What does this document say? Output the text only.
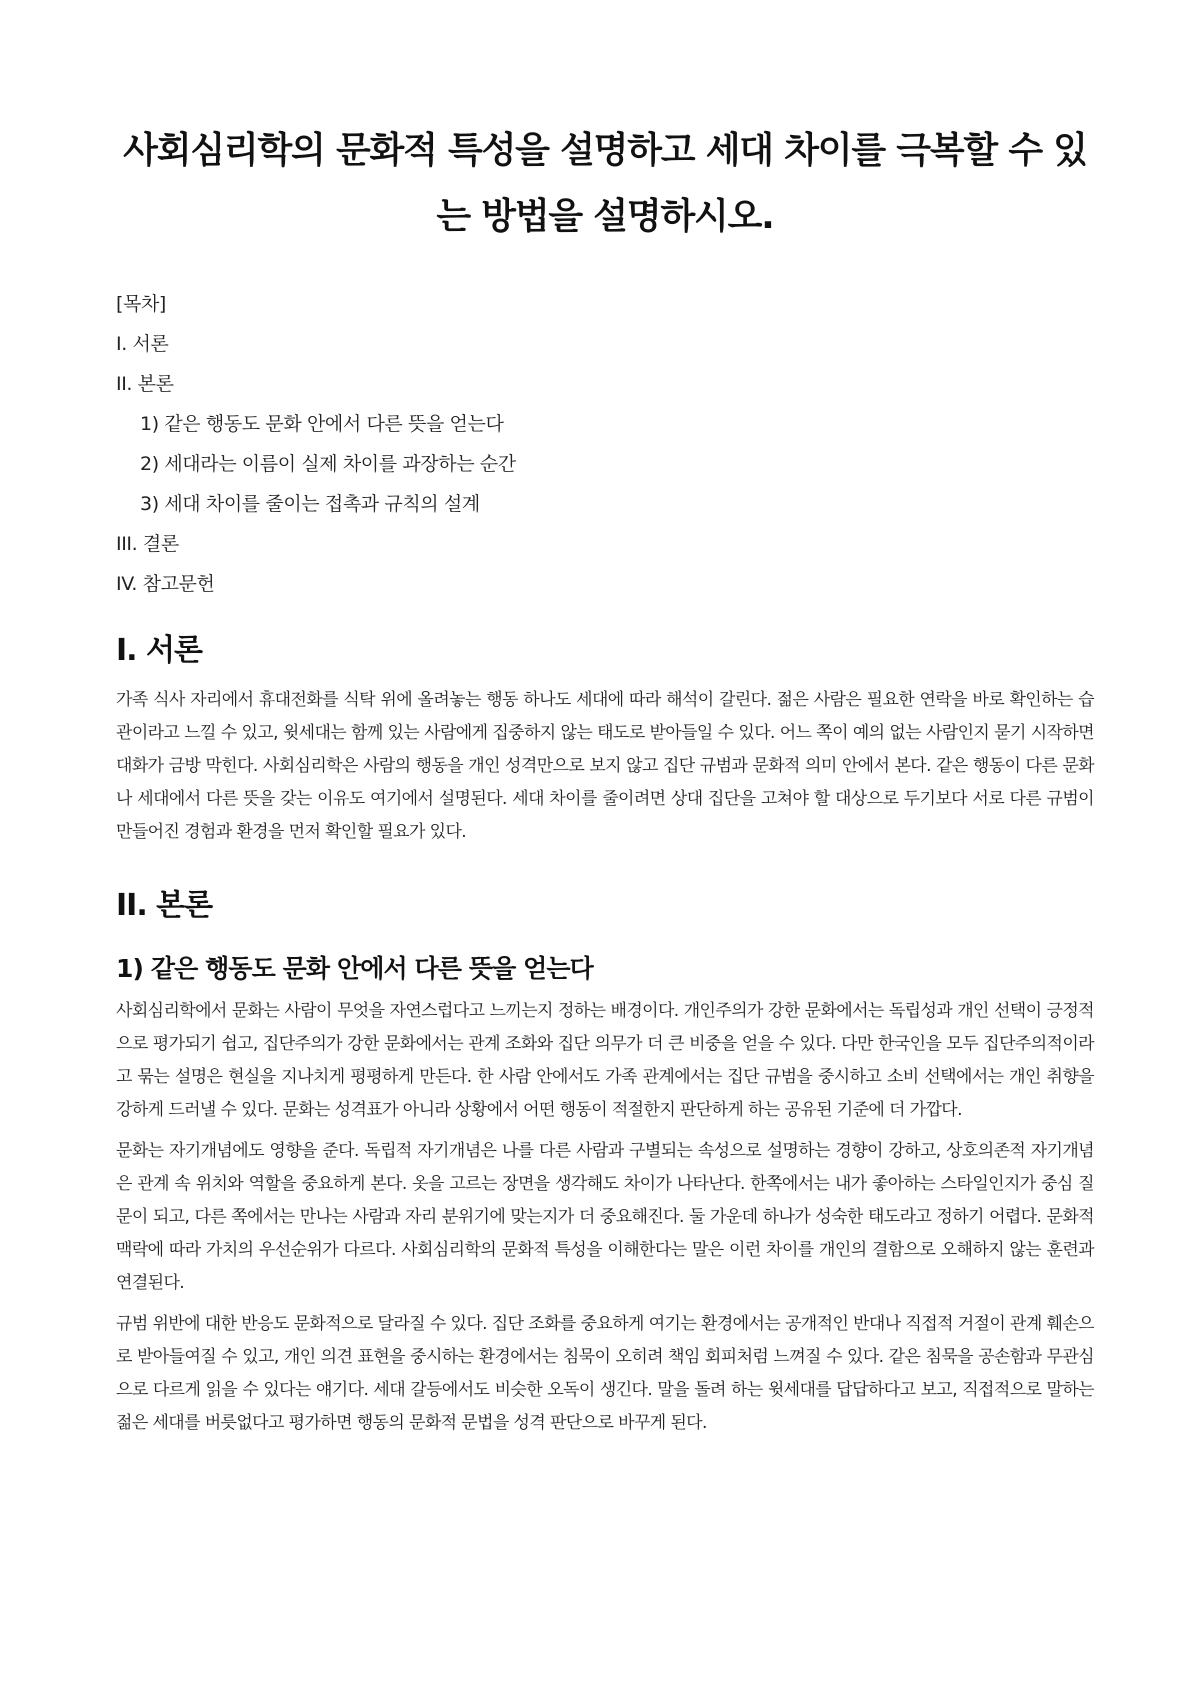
사회심리학의 문화적 특성을 설명하고 세대 차이를 극복할 수 있는 방법을 설명하시오.
[목차]
I. 서론
II. 본론
1) 같은 행동도 문화 안에서 다른 뜻을 얻는다
2) 세대라는 이름이 실제 차이를 과장하는 순간
3) 세대 차이를 줄이는 접촉과 규칙의 설계
III. 결론
IV. 참고문헌
I. 서론

가족 식사 자리에서 휴대전화를 식탁 위에 올려놓는 행동 하나도 세대에 따라 해석이 갈린다. 젊은 사람은 필요한 연락을 바로 확인하는 습관이라고 느낄 수 있고, 윗세대는 함께 있는 사람에게 집중하지 않는 태도로 받아들일 수 있다. 어느 쪽이 예의 없는 사람인지 묻기 시작하면 대화가 금방 막힌다. 사회심리학은 사람의 행동을 개인 성격만으로 보지 않고 집단 규범과 문화적 의미 안에서 본다. 같은 행동이 다른 문화나 세대에서 다른 뜻을 갖는 이유도 여기에서 설명된다. 세대 차이를 줄이려면 상대 집단을 고쳐야 할 대상으로 두기보다 서로 다른 규범이 만들어진 경험과 환경을 먼저 확인할 필요가 있다.

II. 본론
1) 같은 행동도 문화 안에서 다른 뜻을 얻는다

사회심리학에서 문화는 사람이 무엇을 자연스럽다고 느끼는지 정하는 배경이다. 개인주의가 강한 문화에서는 독립성과 개인 선택이 긍정적으로 평가되기 쉽고, 집단주의가 강한 문화에서는 관계 조화와 집단 의무가 더 큰 비중을 얻을 수 있다. 다만 한국인을 모두 집단주의적이라고 묶는 설명은 현실을 지나치게 평평하게 만든다. 한 사람 안에서도 가족 관계에서는 집단 규범을 중시하고 소비 선택에서는 개인 취향을 강하게 드러낼 수 있다. 문화는 성격표가 아니라 상황에서 어떤 행동이 적절한지 판단하게 하는 공유된 기준에 더 가깝다.

문화는 자기개념에도 영향을 준다. 독립적 자기개념은 나를 다른 사람과 구별되는 속성으로 설명하는 경향이 강하고, 상호의존적 자기개념은 관계 속 위치와 역할을 중요하게 본다. 옷을 고르는 장면을 생각해도 차이가 나타난다. 한쪽에서는 내가 좋아하는 스타일인지가 중심 질문이 되고, 다른 쪽에서는 만나는 사람과 자리 분위기에 맞는지가 더 중요해진다. 둘 가운데 하나가 성숙한 태도라고 정하기 어렵다. 문화적 맥락에 따라 가치의 우선순위가 다르다. 사회심리학의 문화적 특성을 이해한다는 말은 이런 차이를 개인의 결함으로 오해하지 않는 훈련과 연결된다.

규범 위반에 대한 반응도 문화적으로 달라질 수 있다. 집단 조화를 중요하게 여기는 환경에서는 공개적인 반대나 직접적 거절이 관계 훼손으로 받아들여질 수 있고, 개인 의견 표현을 중시하는 환경에서는 침묵이 오히려 책임 회피처럼 느껴질 수 있다. 같은 침묵을 공손함과 무관심으로 다르게 읽을 수 있다는 얘기다. 세대 갈등에서도 비슷한 오독이 생긴다. 말을 돌려 하는 윗세대를 답답하다고 보고, 직접적으로 말하는 젊은 세대를 버릇없다고 평가하면 행동의 문화적 문법을 성격 판단으로 바꾸게 된다.
